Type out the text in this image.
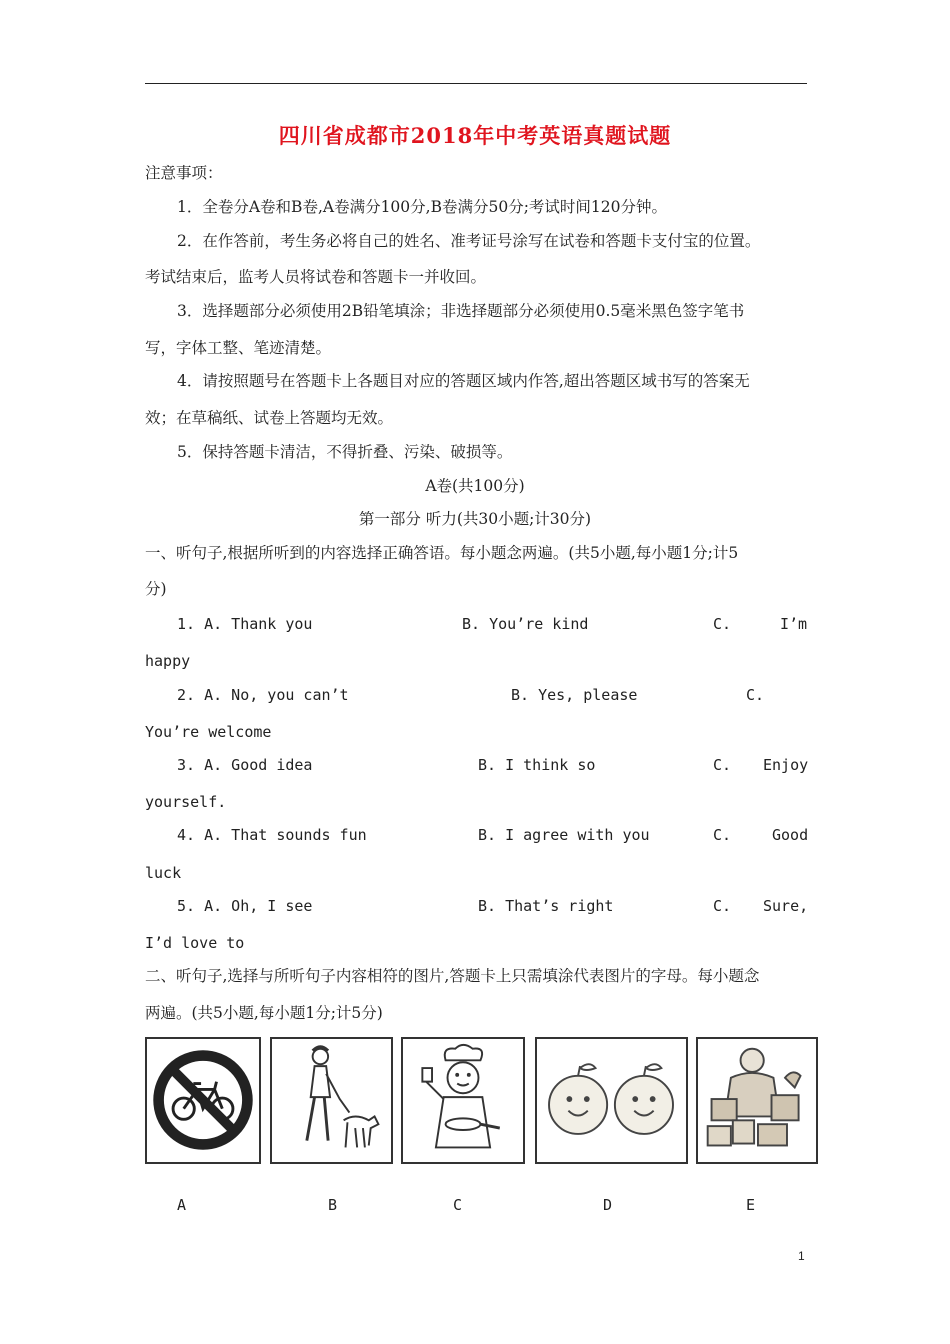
四川省成都市2018年中考英语真题试题
注意事项：
1．全卷分A卷和B卷,A卷满分100分,B卷满分50分;考试时间120分钟。
2．在作答前，考生务必将自己的姓名、准考证号涂写在试卷和答题卡支付宝的位置。
考试结束后，监考人员将试卷和答题卡一并收回。
3．选择题部分必须使用2B铅笔填涂；非选择题部分必须使用0.5毫米黑色签字笔书
写，字体工整、笔迹清楚。
4．请按照题号在答题卡上各题目对应的答题区域内作答,超出答题区域书写的答案无
效；在草稿纸、试卷上答题均无效。
5．保持答题卡清洁，不得折叠、污染、破损等。
A卷(共100分)
第一部分 听力(共30小题;计30分)
一、听句子,根据所听到的内容选择正确答语。每小题念两遍。(共5小题,每小题1分;计5
分)
1. A. Thank you	B. You’re kind	C.	I’m
happy
2. A. No, you can’t	B. Yes, please	C.
You’re welcome
3. A. Good idea	B. I think so	C. Enjoy
yourself.
4. A. That sounds fun	B. I agree with you	C.	Good
luck
5. A. Oh, I see	B. That’s right	C. Sure,
I’d love to
二、听句子,选择与所听句子内容相符的图片,答题卡上只需填涂代表图片的字母。每小题念
两遍。(共5小题,每小题1分;计5分)
A	B	C	D	E
1
